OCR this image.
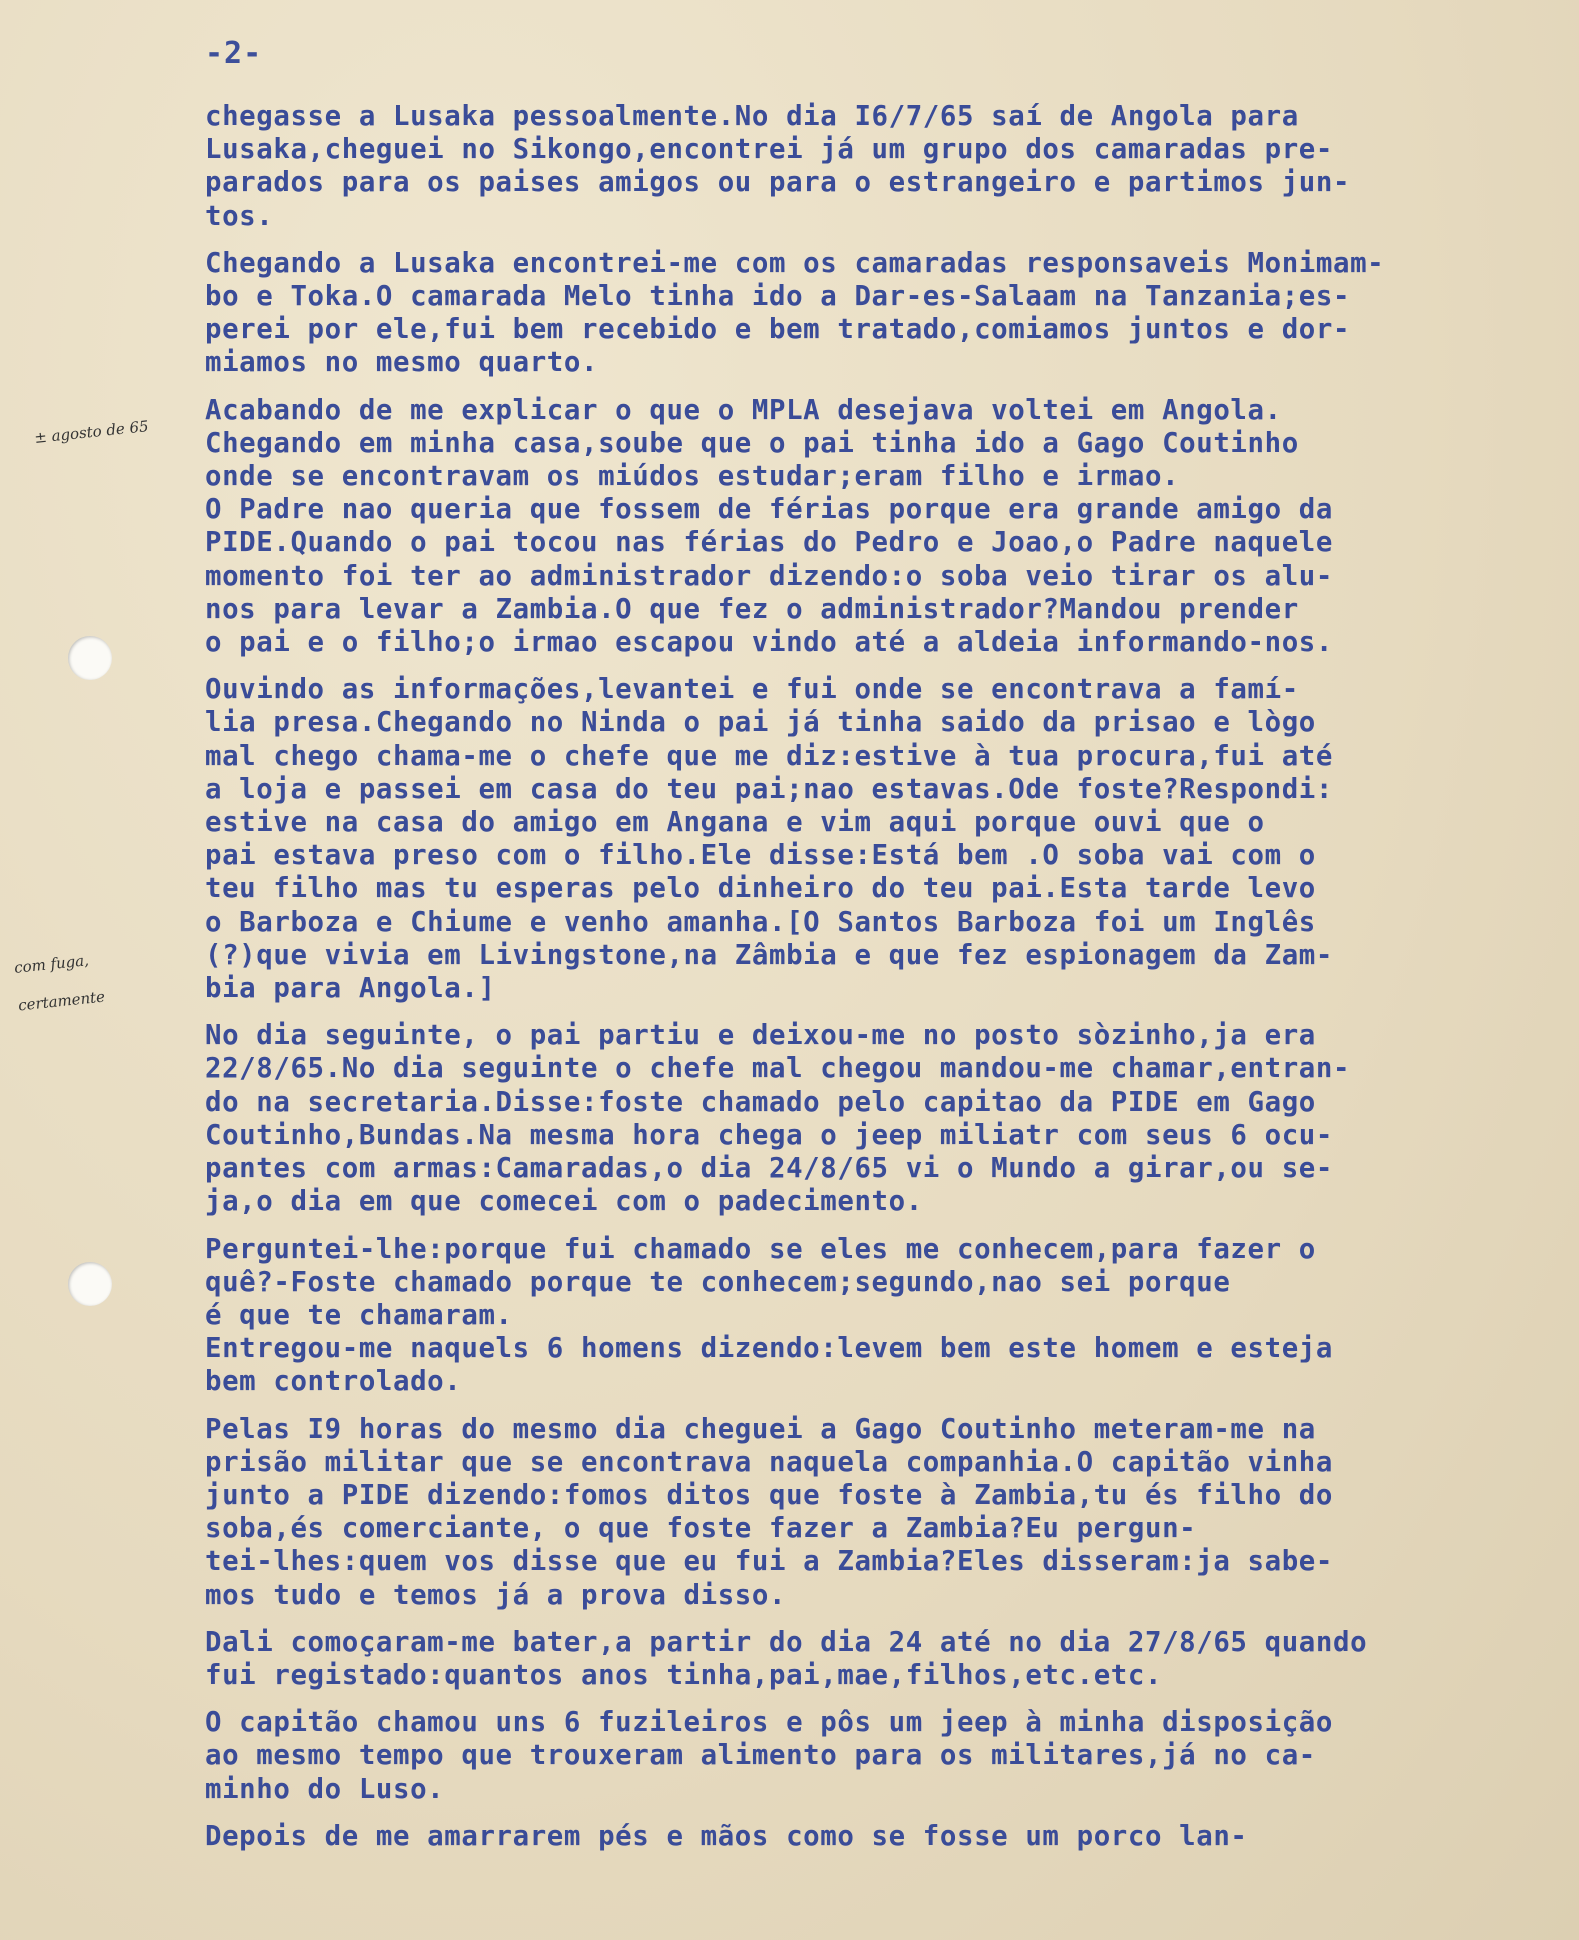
-2-
± agosto de 65
com fuga,
certamente
chegasse a Lusaka pessoalmente.No dia I6/7/65 saí de Angola para
Lusaka,cheguei no Sikongo,encontrei já um grupo dos camaradas pre-
parados para os paises amigos ou para o estrangeiro e partimos jun-
tos.
Chegando a Lusaka encontrei-me com os camaradas responsaveis Monimam-
bo e Toka.O camarada Melo tinha ido a Dar-es-Salaam na Tanzania;es-
perei por ele,fui bem recebido e bem tratado,comiamos juntos e dor-
miamos no mesmo quarto.
Acabando de me explicar o que o MPLA desejava voltei em Angola.
Chegando em minha casa,soube que o pai tinha ido a Gago Coutinho
onde se encontravam os miúdos estudar;eram filho e irmao.
O Padre nao queria que fossem de férias porque era grande amigo da
PIDE.Quando o pai tocou nas férias do Pedro e Joao,o Padre naquele
momento foi ter ao administrador dizendo:o soba veio tirar os alu-
nos para levar a Zambia.O que fez o administrador?Mandou prender
o pai e o filho;o irmao escapou vindo até a aldeia informando-nos.
Ouvindo as informações,levantei e fui onde se encontrava a famí-
lia presa.Chegando no Ninda o pai já tinha saido da prisao e lògo
mal chego chama-me o chefe que me diz:estive à tua procura,fui até
a loja e passei em casa do teu pai;nao estavas.Ode foste?Respondi:
estive na casa do amigo em Angana e vim aqui porque ouvi que o
pai estava preso com o filho.Ele disse:Está bem .O soba vai com o
teu filho mas tu esperas pelo dinheiro do teu pai.Esta tarde levo
o Barboza e Chiume e venho amanha.[O Santos Barboza foi um Inglês
(?)que vivia em Livingstone,na Zâmbia e que fez espionagem da Zam-
bia para Angola.]
No dia seguinte, o pai partiu e deixou-me no posto sòzinho,ja era
22/8/65.No dia seguinte o chefe mal chegou mandou-me chamar,entran-
do na secretaria.Disse:foste chamado pelo capitao da PIDE em Gago
Coutinho,Bundas.Na mesma hora chega o jeep miliatr com seus 6 ocu-
pantes com armas:Camaradas,o dia 24/8/65 vi o Mundo a girar,ou se-
ja,o dia em que comecei com o padecimento.
Perguntei-lhe:porque fui chamado se eles me conhecem,para fazer o
quê?-Foste chamado porque te conhecem;segundo,nao sei porque
é que te chamaram.
Entregou-me naquels 6 homens dizendo:levem bem este homem e esteja
bem controlado.
Pelas I9 horas do mesmo dia cheguei a Gago Coutinho meteram-me na
prisão militar que se encontrava naquela companhia.O capitão vinha
junto a PIDE dizendo:fomos ditos que foste à Zambia,tu és filho do
soba,és comerciante, o que foste fazer a Zambia?Eu pergun-
tei-lhes:quem vos disse que eu fui a Zambia?Eles disseram:ja sabe-
mos tudo e temos já a prova disso.
Dali comoçaram-me bater,a partir do dia 24 até no dia 27/8/65 quando
fui registado:quantos anos tinha,pai,mae,filhos,etc.etc.
O capitão chamou uns 6 fuzileiros e pôs um jeep à minha disposição
ao mesmo tempo que trouxeram alimento para os militares,já no ca-
minho do Luso.
Depois de me amarrarem pés e mãos como se fosse um porco lan-
